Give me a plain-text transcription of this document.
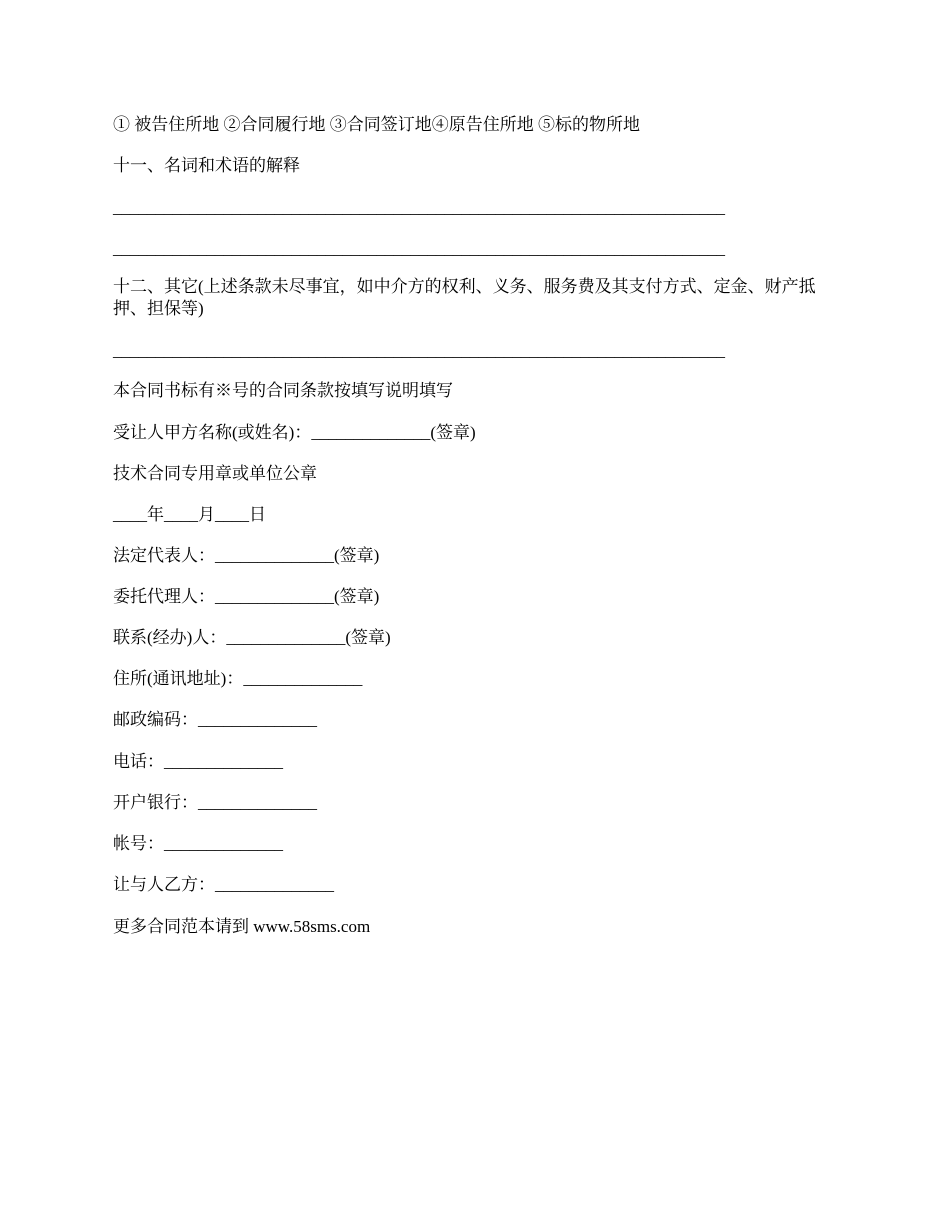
① 被告住所地 ②合同履行地 ③合同签订地④原告住所地 ⑤标的物所地
十一、名词和术语的解释
________________________________________________________________________
________________________________________________________________________
十二、其它(上述条款未尽事宜，如中介方的权利、义务、服务费及其支付方式、定金、财产抵押、担保等)
________________________________________________________________________
本合同书标有※号的合同条款按填写说明填写
受让人甲方名称(或姓名)：______________(签章)
技术合同专用章或单位公章
____年____月____日
法定代表人：______________(签章)
委托代理人：______________(签章)
联系(经办)人：______________(签章)
住所(通讯地址)：______________
邮政编码：______________
电话：______________
开户银行：______________
帐号：______________
让与人乙方：______________
更多合同范本请到 www.58sms.com
